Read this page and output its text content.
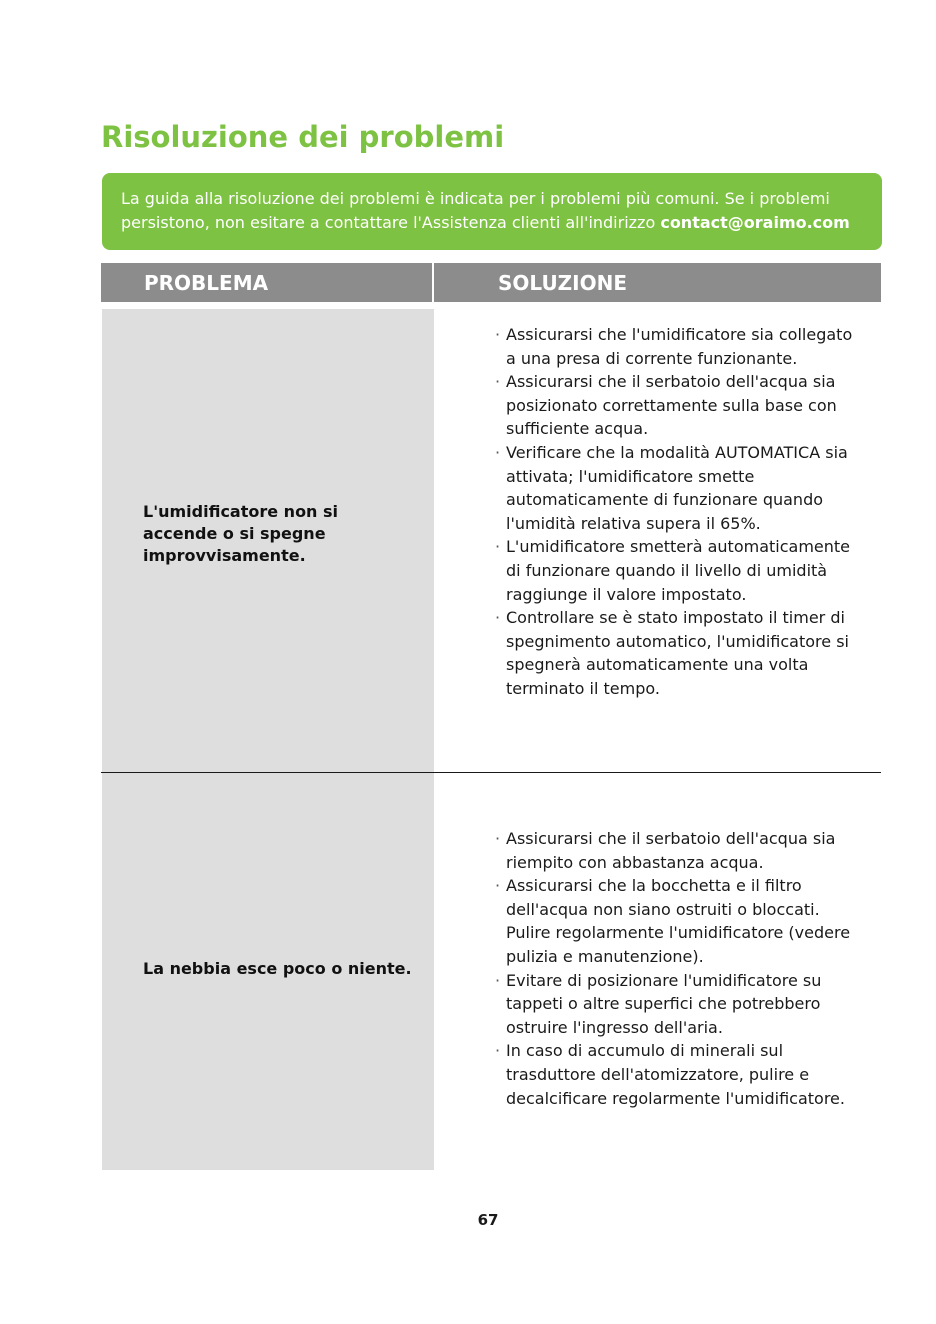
Risoluzione dei problemi
La guida alla risoluzione dei problemi è indicata per i problemi più comuni. Se i problemi
persistono, non esitare a contattare l'Assistenza clienti all'indirizzo contact@oraimo.com
PROBLEMA	SOLUZIONE

L'umidificatore non si accende o si spegne improvvisamente.

· Assicurarsi che l'umidificatore sia collegato a una presa di corrente funzionante.
· Assicurarsi che il serbatoio dell'acqua sia posizionato correttamente sulla base con sufficiente acqua.
· Verificare che la modalità AUTOMATICA sia attivata; l'umidificatore smette automaticamente di funzionare quando l'umidità relativa supera il 65%.
· L'umidificatore smetterà automaticamente di funzionare quando il livello di umidità raggiunge il valore impostato.
· Controllare se è stato impostato il timer di spegnimento automatico, l'umidificatore si spegnerà automaticamente una volta terminato il tempo.

La nebbia esce poco o niente.

· Assicurarsi che il serbatoio dell'acqua sia riempito con abbastanza acqua.
· Assicurarsi che la bocchetta e il filtro dell'acqua non siano ostruiti o bloccati. Pulire regolarmente l'umidificatore (vedere pulizia e manutenzione).
· Evitare di posizionare l'umidificatore su tappeti o altre superfici che potrebbero ostruire l'ingresso dell'aria.
· In caso di accumulo di minerali sul trasduttore dell'atomizzatore, pulire e decalcificare regolarmente l'umidificatore.
67
